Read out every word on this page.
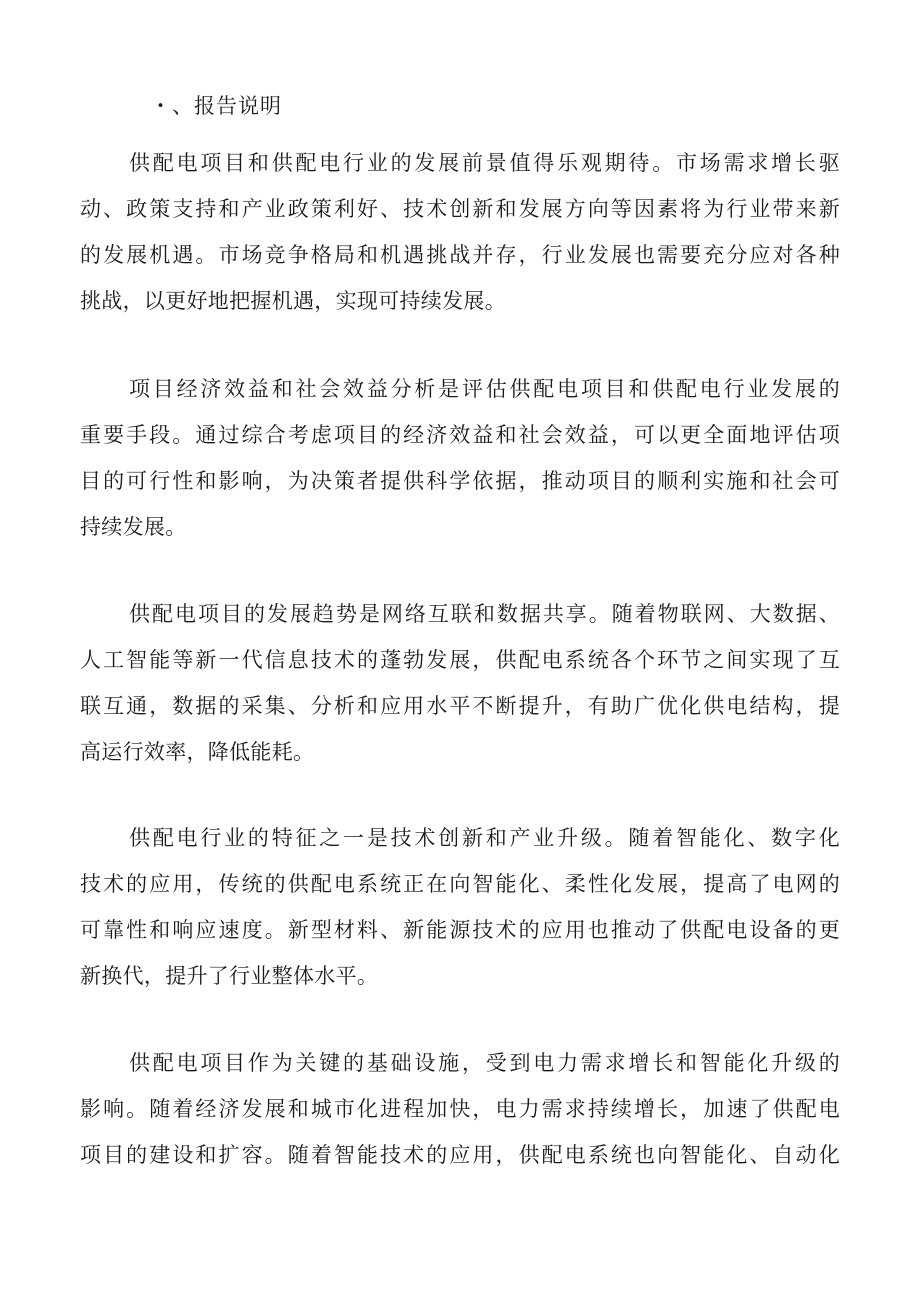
・、报告说明
供配电项目和供配电行业的发展前景值得乐观期待。市场需求增长驱
动、政策支持和产业政策利好、技术创新和发展方向等因素将为行业带来新
的发展机遇。市场竞争格局和机遇挑战并存，行业发展也需要充分应对各种
挑战，以更好地把握机遇，实现可持续发展。
项目经济效益和社会效益分析是评估供配电项目和供配电行业发展的
重要手段。通过综合考虑项目的经济效益和社会效益，可以更全面地评估项
目的可行性和影响，为决策者提供科学依据，推动项目的顺利实施和社会可
持续发展。
供配电项目的发展趋势是网络互联和数据共享。随着物联网、大数据、
人工智能等新一代信息技术的蓬勃发展，供配电系统各个环节之间实现了互
联互通，数据的采集、分析和应用水平不断提升，有助广优化供电结构，提
高运行效率，降低能耗。
供配电行业的特征之一是技术创新和产业升级。随着智能化、数字化
技术的应用，传统的供配电系统正在向智能化、柔性化发展，提高了电网的
可靠性和响应速度。新型材料、新能源技术的应用也推动了供配电设备的更
新换代，提升了行业整体水平。
供配电项目作为关键的基础设施，受到电力需求增长和智能化升级的
影响。随着经济发展和城市化进程加快，电力需求持续增长，加速了供配电
项目的建设和扩容。随着智能技术的应用，供配电系统也向智能化、自动化
